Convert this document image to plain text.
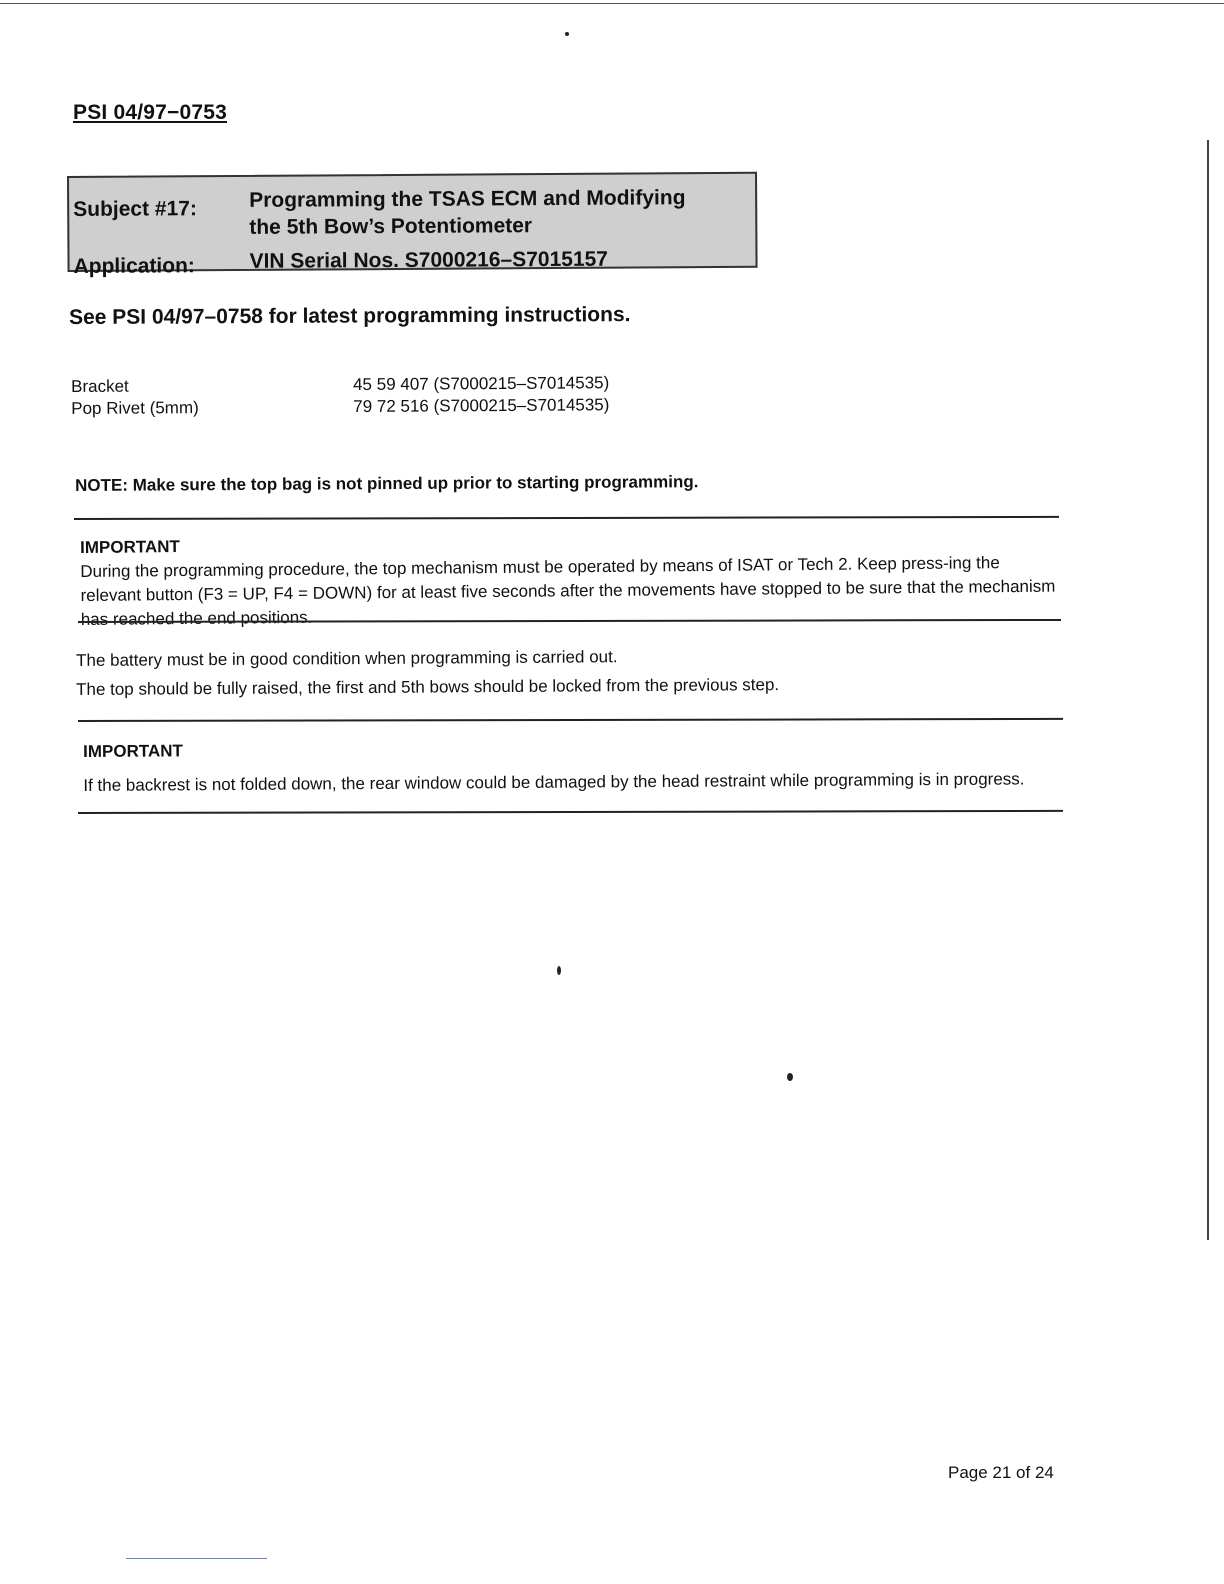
PSI 04/97−0753
Subject #17: Programming the TSAS ECM and Modifying
the 5th Bow’s Potentiometer
Application:	VIN Serial Nos. S7000216–S7015157
See PSI 04/97–0758 for latest programming instructions.
Bracket	45 59 407 (S7000215–S7014535)
Pop Rivet (5mm)	79 72 516 (S7000215–S7014535)
NOTE: Make sure the top bag is not pinned up prior to starting programming.
IMPORTANT
During the programming procedure, the top mechanism must be operated by means of ISAT or Tech 2. Keep press-ing the relevant button (F3 = UP, F4 = DOWN) for at least five seconds after the movements have stopped to be sure that the mechanism has reached the end positions.
The battery must be in good condition when programming is carried out.
The top should be fully raised, the first and 5th bows should be locked from the previous step.
IMPORTANT
If the backrest is not folded down, the rear window could be damaged by the head restraint while programming is in progress.
Page 21 of 24
